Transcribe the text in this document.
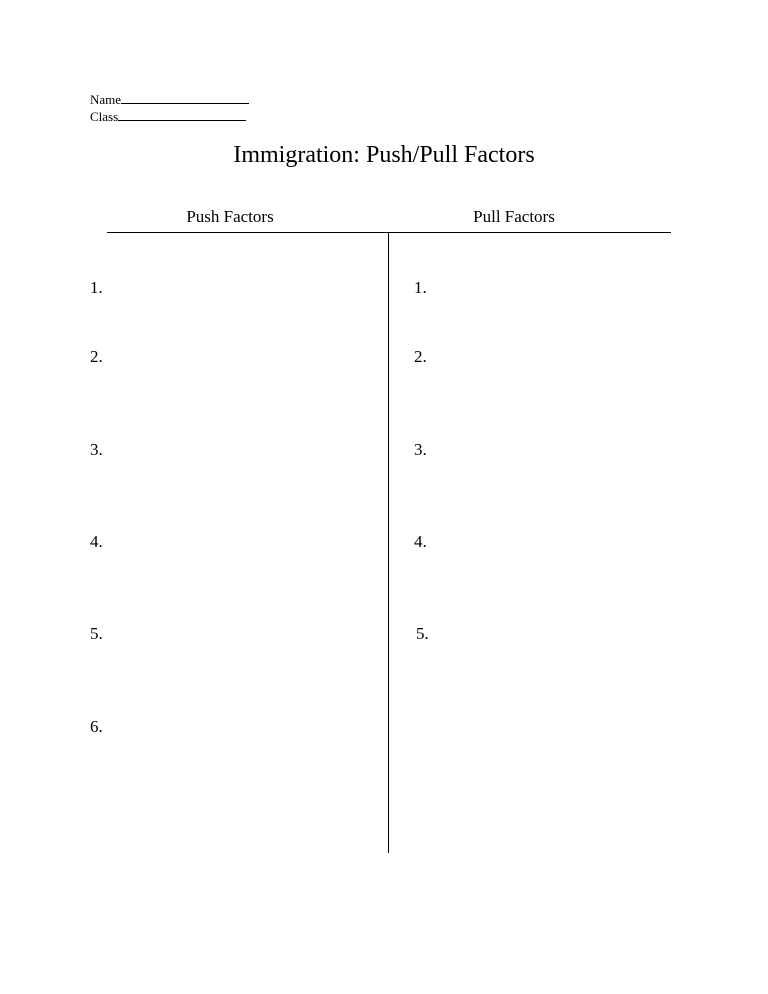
Name
Class
Immigration: Push/Pull Factors
Push Factors	Pull Factors
1.
2.
3.
4.
5.
6.
1.
2.
3.
4.
5.
